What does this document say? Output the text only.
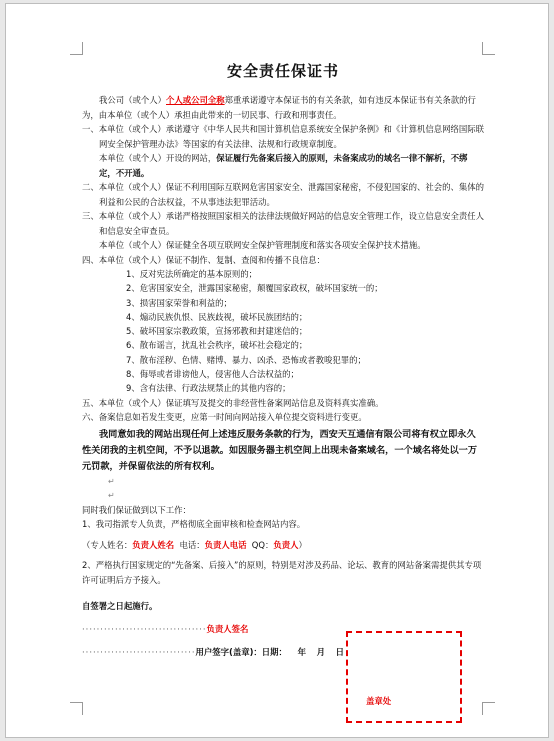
安全责任保证书

我公司（或个人）个人或公司全称郑重承诺遵守本保证书的有关条款，如有违反本保证书有关条款的行为，由本单位（或个人）承担由此带来的一切民事、行政和刑事责任。

一、本单位（或个人）承诺遵守《中华人民共和国计算机信息系统安全保护条例》和《计算机信息网络国际联网安全保护管理办法》等国家的有关法律、法规和行政规章制度。

本单位（或个人）开设的网站，保证履行先备案后接入的原则，未备案成功的域名一律不解析，不绑定，不开通。

二、本单位（或个人）保证不利用国际互联网危害国家安全、泄露国家秘密，不侵犯国家的、社会的、集体的利益和公民的合法权益，不从事违法犯罪活动。

三、本单位（或个人）承诺严格按照国家相关的法律法规做好网站的信息安全管理工作，设立信息安全责任人和信息安全审查员。

本单位（或个人）保证健全各项互联网安全保护管理制度和落实各项安全保护技术措施。

四、本单位（或个人）保证不制作、复制、查阅和传播不良信息：

1、反对宪法所确定的基本原则的；
2、危害国家安全，泄露国家秘密，颠覆国家政权，破坏国家统一的；
3、损害国家荣誉和利益的；
4、煽动民族仇恨、民族歧视，破坏民族团结的；
5、破坏国家宗教政策，宣扬邪教和封建迷信的；
6、散布谣言，扰乱社会秩序，破坏社会稳定的；
7、散布淫秽、色情、赌博、暴力、凶杀、恐怖或者教唆犯罪的；
8、侮辱或者诽谤他人，侵害他人合法权益的；
9、含有法律、行政法规禁止的其他内容的；

五、本单位（或个人）保证填写及提交的非经营性备案网站信息及资料真实准确。

六、备案信息如若发生变更，应第一时间向网站接入单位提交资料进行变更。

我同意如我的网站出现任何上述违反服务条款的行为，西安天互通信有限公司将有权立即永久性关闭我的主机空间，不予以退款。如因服务器主机空间上出现未备案域名，一个域名将处以一万元罚款，并保留依法的所有权利。

↵

↵

同时我们保证做到以下工作：

1、我司指派专人负责，严格彻底全面审核和检查网站内容。

（专人姓名：负责人姓名 电话：负责人电话 QQ：负责人）

2、严格执行国家规定的“先备案、后接入”的原则，特别是对涉及药品、论坛、教育的网站备案需提供其专项许可证明后方予接入。

自签署之日起施行。

··································负责人签名

·······························用户签字(盖章)：日期： 年 月 日

盖章处
